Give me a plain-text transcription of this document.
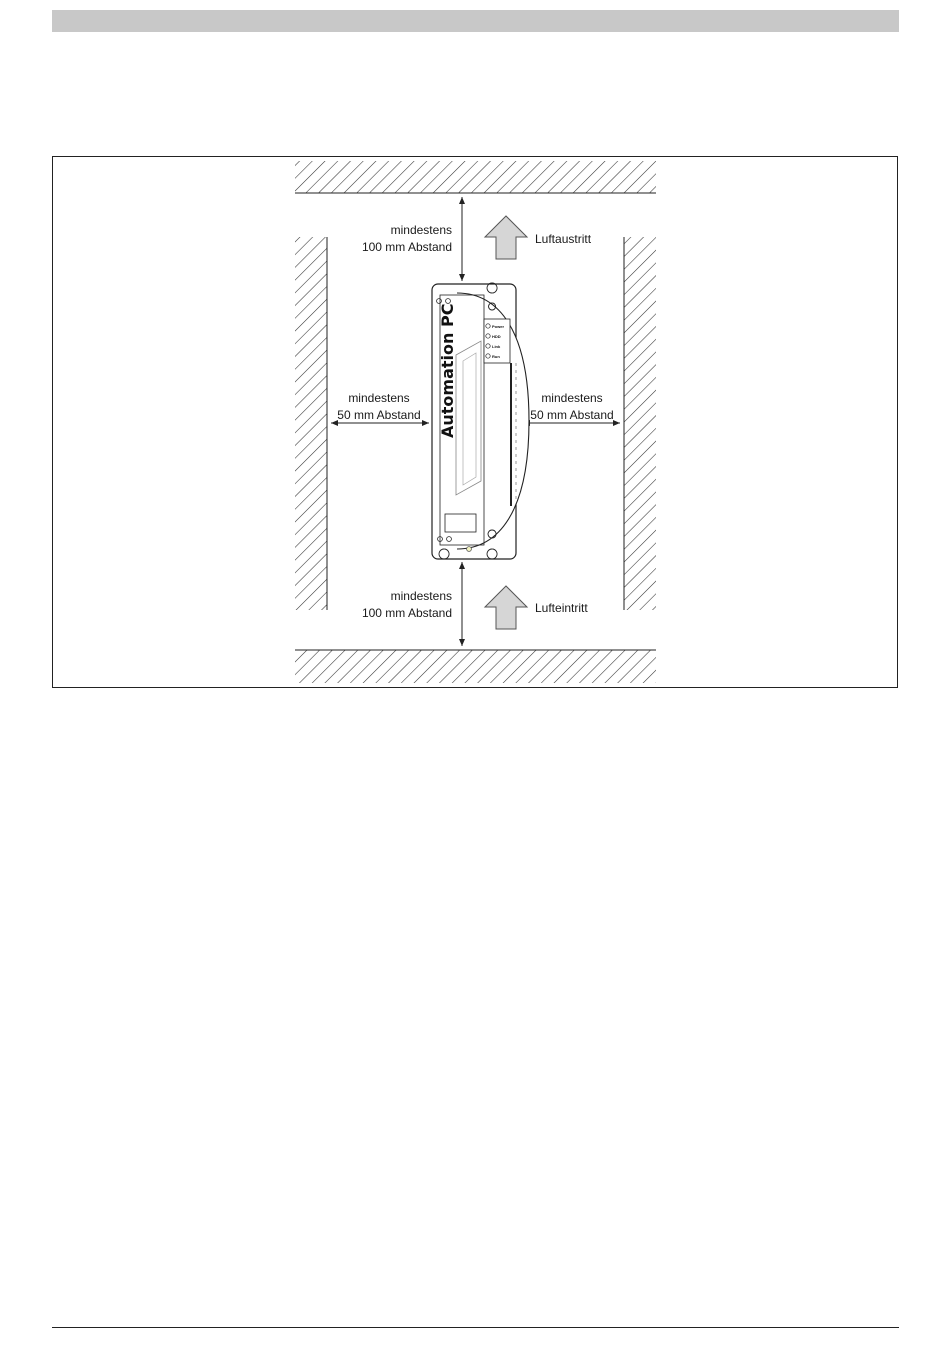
Power
HDD
Link
Run
Automation PC
mindestens
100 mm Abstand
Luftaustritt
mindestens
50 mm Abstand
mindestens
50 mm Abstand
mindestens
100 mm Abstand	Lufteintritt
